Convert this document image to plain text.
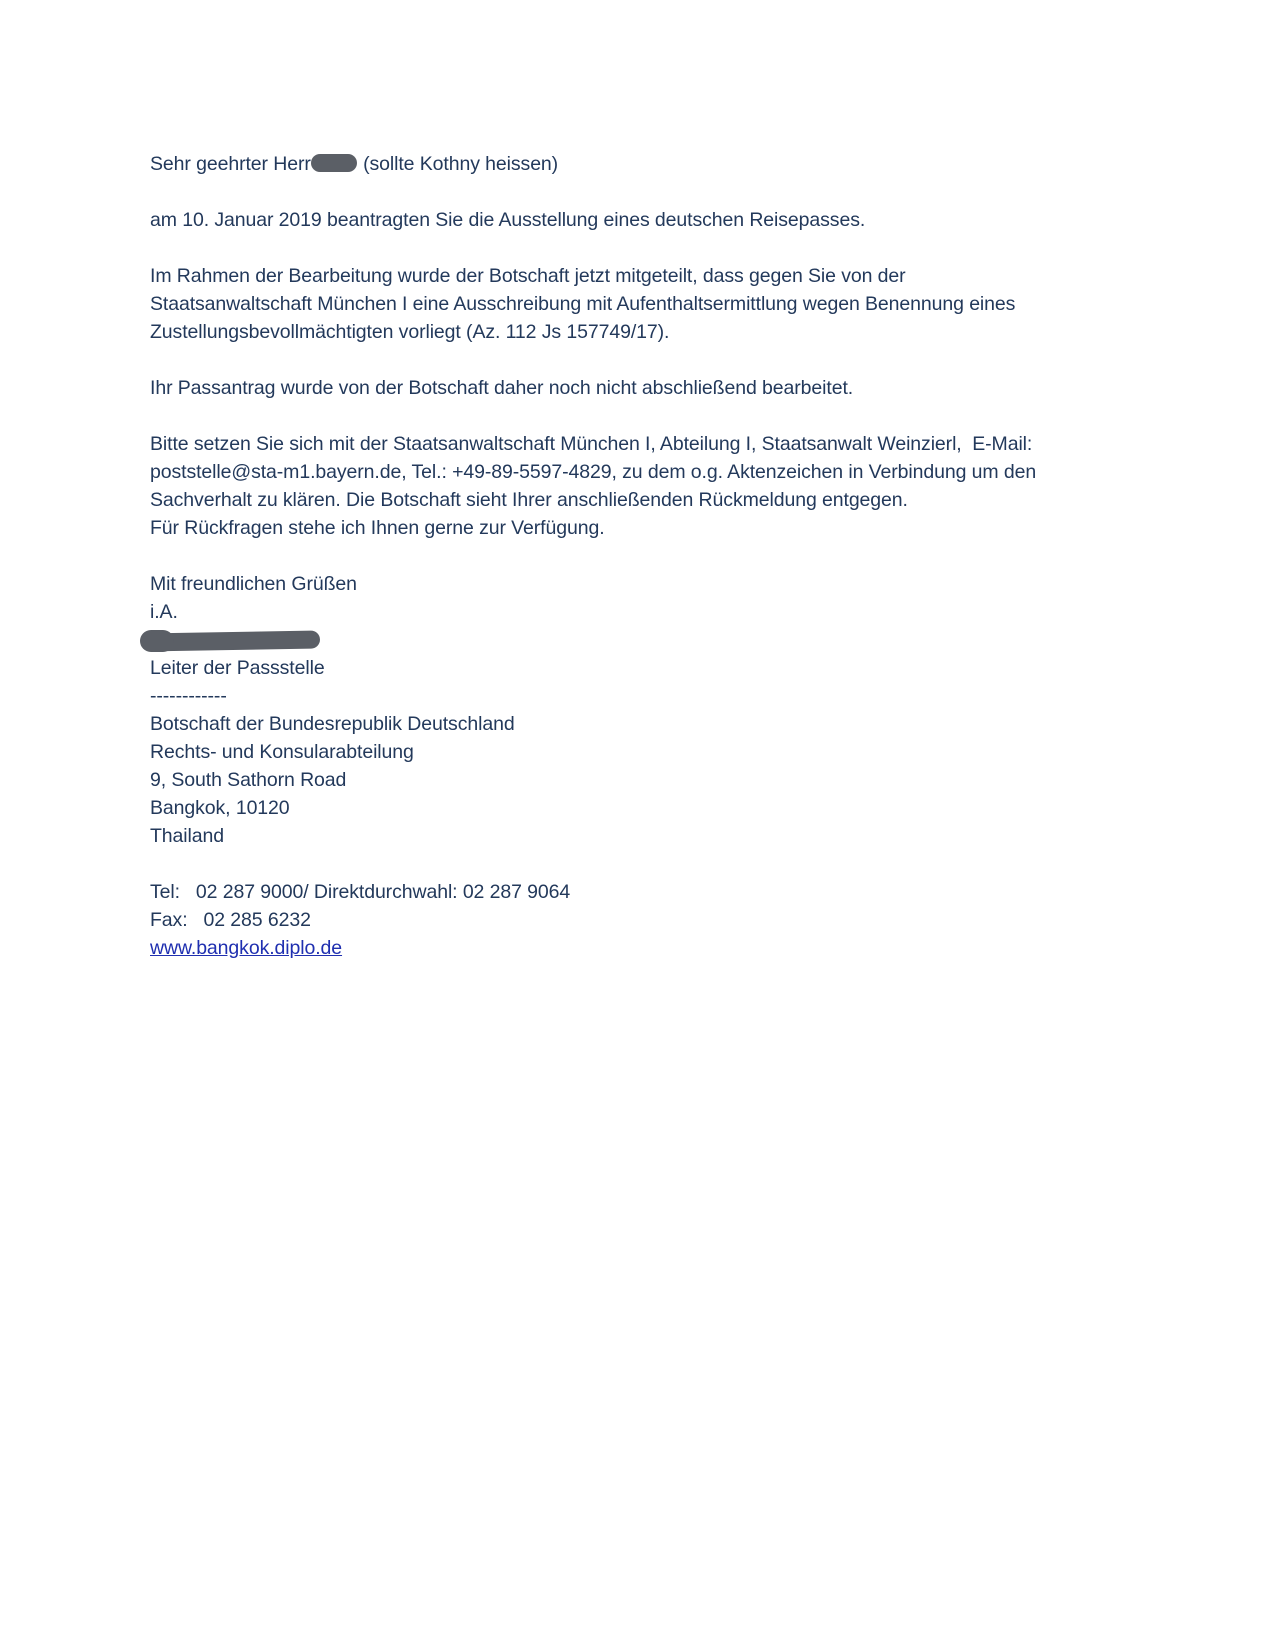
Sehr geehrter Herr	(sollte Kothny heissen)
am 10. Januar 2019 beantragten Sie die Ausstellung eines deutschen Reisepasses.
Im Rahmen der Bearbeitung wurde der Botschaft jetzt mitgeteilt, dass gegen Sie von der
Staatsanwaltschaft München I eine Ausschreibung mit Aufenthaltsermittlung wegen Benennung eines
Zustellungsbevollmächtigten vorliegt (Az. 112 Js 157749/17).
Ihr Passantrag wurde von der Botschaft daher noch nicht abschließend bearbeitet.
Bitte setzen Sie sich mit der Staatsanwaltschaft München I, Abteilung I, Staatsanwalt Weinzierl,  E-Mail:
poststelle@sta-m1.bayern.de, Tel.: +49-89-5597-4829, zu dem o.g. Aktenzeichen in Verbindung um den
Sachverhalt zu klären. Die Botschaft sieht Ihrer anschließenden Rückmeldung entgegen.
Für Rückfragen stehe ich Ihnen gerne zur Verfügung.
Mit freundlichen Grüßen
i.A.
Leiter der Passstelle
------------
Botschaft der Bundesrepublik Deutschland
Rechts- und Konsularabteilung
9, South Sathorn Road
Bangkok, 10120
Thailand
Tel:   02 287 9000/ Direktdurchwahl: 02 287 9064
Fax:   02 285 6232
www.bangkok.diplo.de
